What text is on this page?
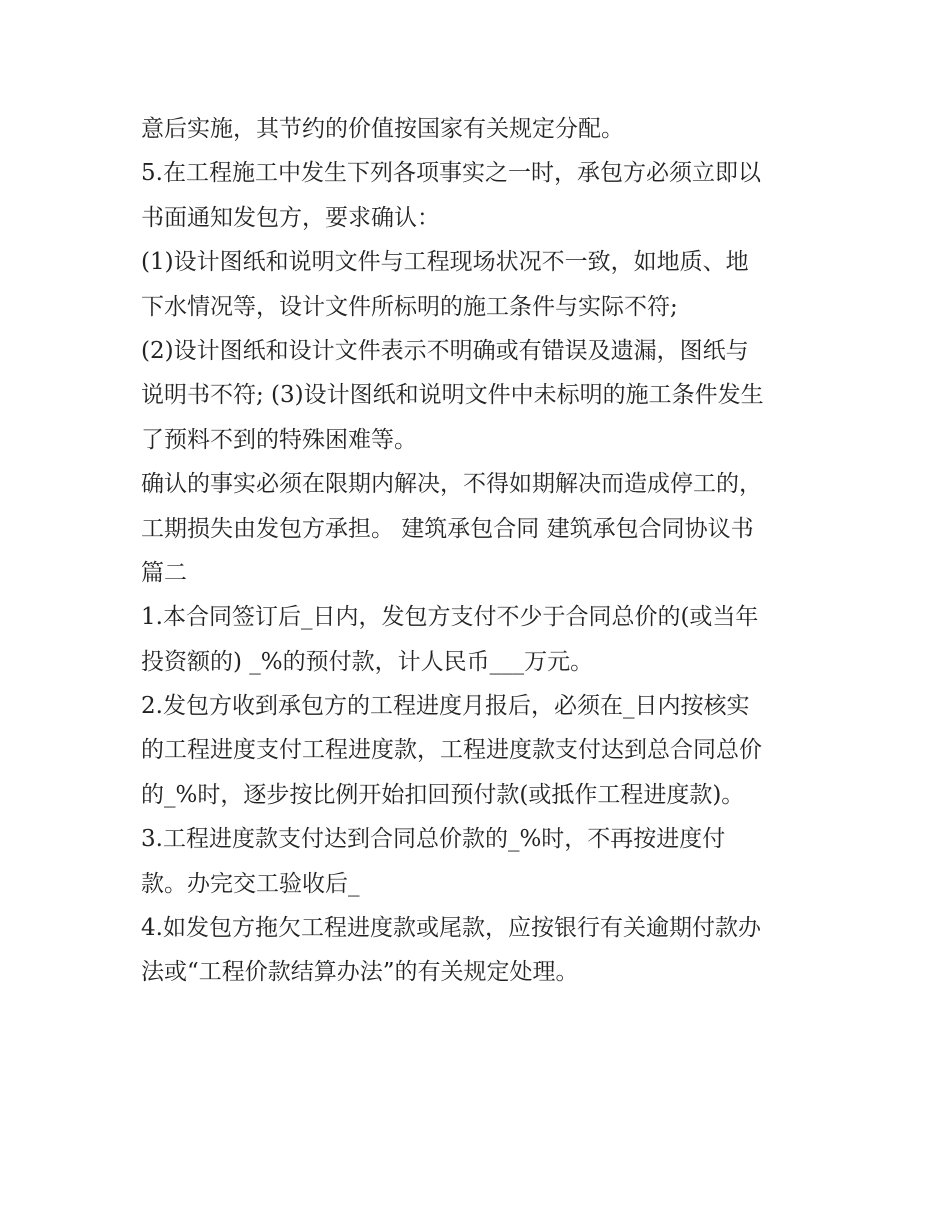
意后实施，其节约的价值按国家有关规定分配。
5.在工程施工中发生下列各项事实之一时，承包方必须立即以
书面通知发包方，要求确认：
(1)设计图纸和说明文件与工程现场状况不一致，如地质、地
下水情况等，设计文件所标明的施工条件与实际不符;
(2)设计图纸和设计文件表示不明确或有错误及遗漏，图纸与
说明书不符; (3)设计图纸和说明文件中未标明的施工条件发生
了预料不到的特殊困难等。
确认的事实必须在限期内解决，不得如期解决而造成停工的，
工期损失由发包方承担。 建筑承包合同 建筑承包合同协议书
篇二
1.本合同签订后_日内，发包方支付不少于合同总价的(或当年
投资额的) _%的预付款，计人民币___万元。
2.发包方收到承包方的工程进度月报后，必须在_日内按核实
的工程进度支付工程进度款，工程进度款支付达到总合同总价
的_%时，逐步按比例开始扣回预付款(或抵作工程进度款)。
3.工程进度款支付达到合同总价款的_%时，不再按进度付
款。办完交工验收后_
4.如发包方拖欠工程进度款或尾款，应按银行有关逾期付款办
法或“工程价款结算办法”的有关规定处理。
